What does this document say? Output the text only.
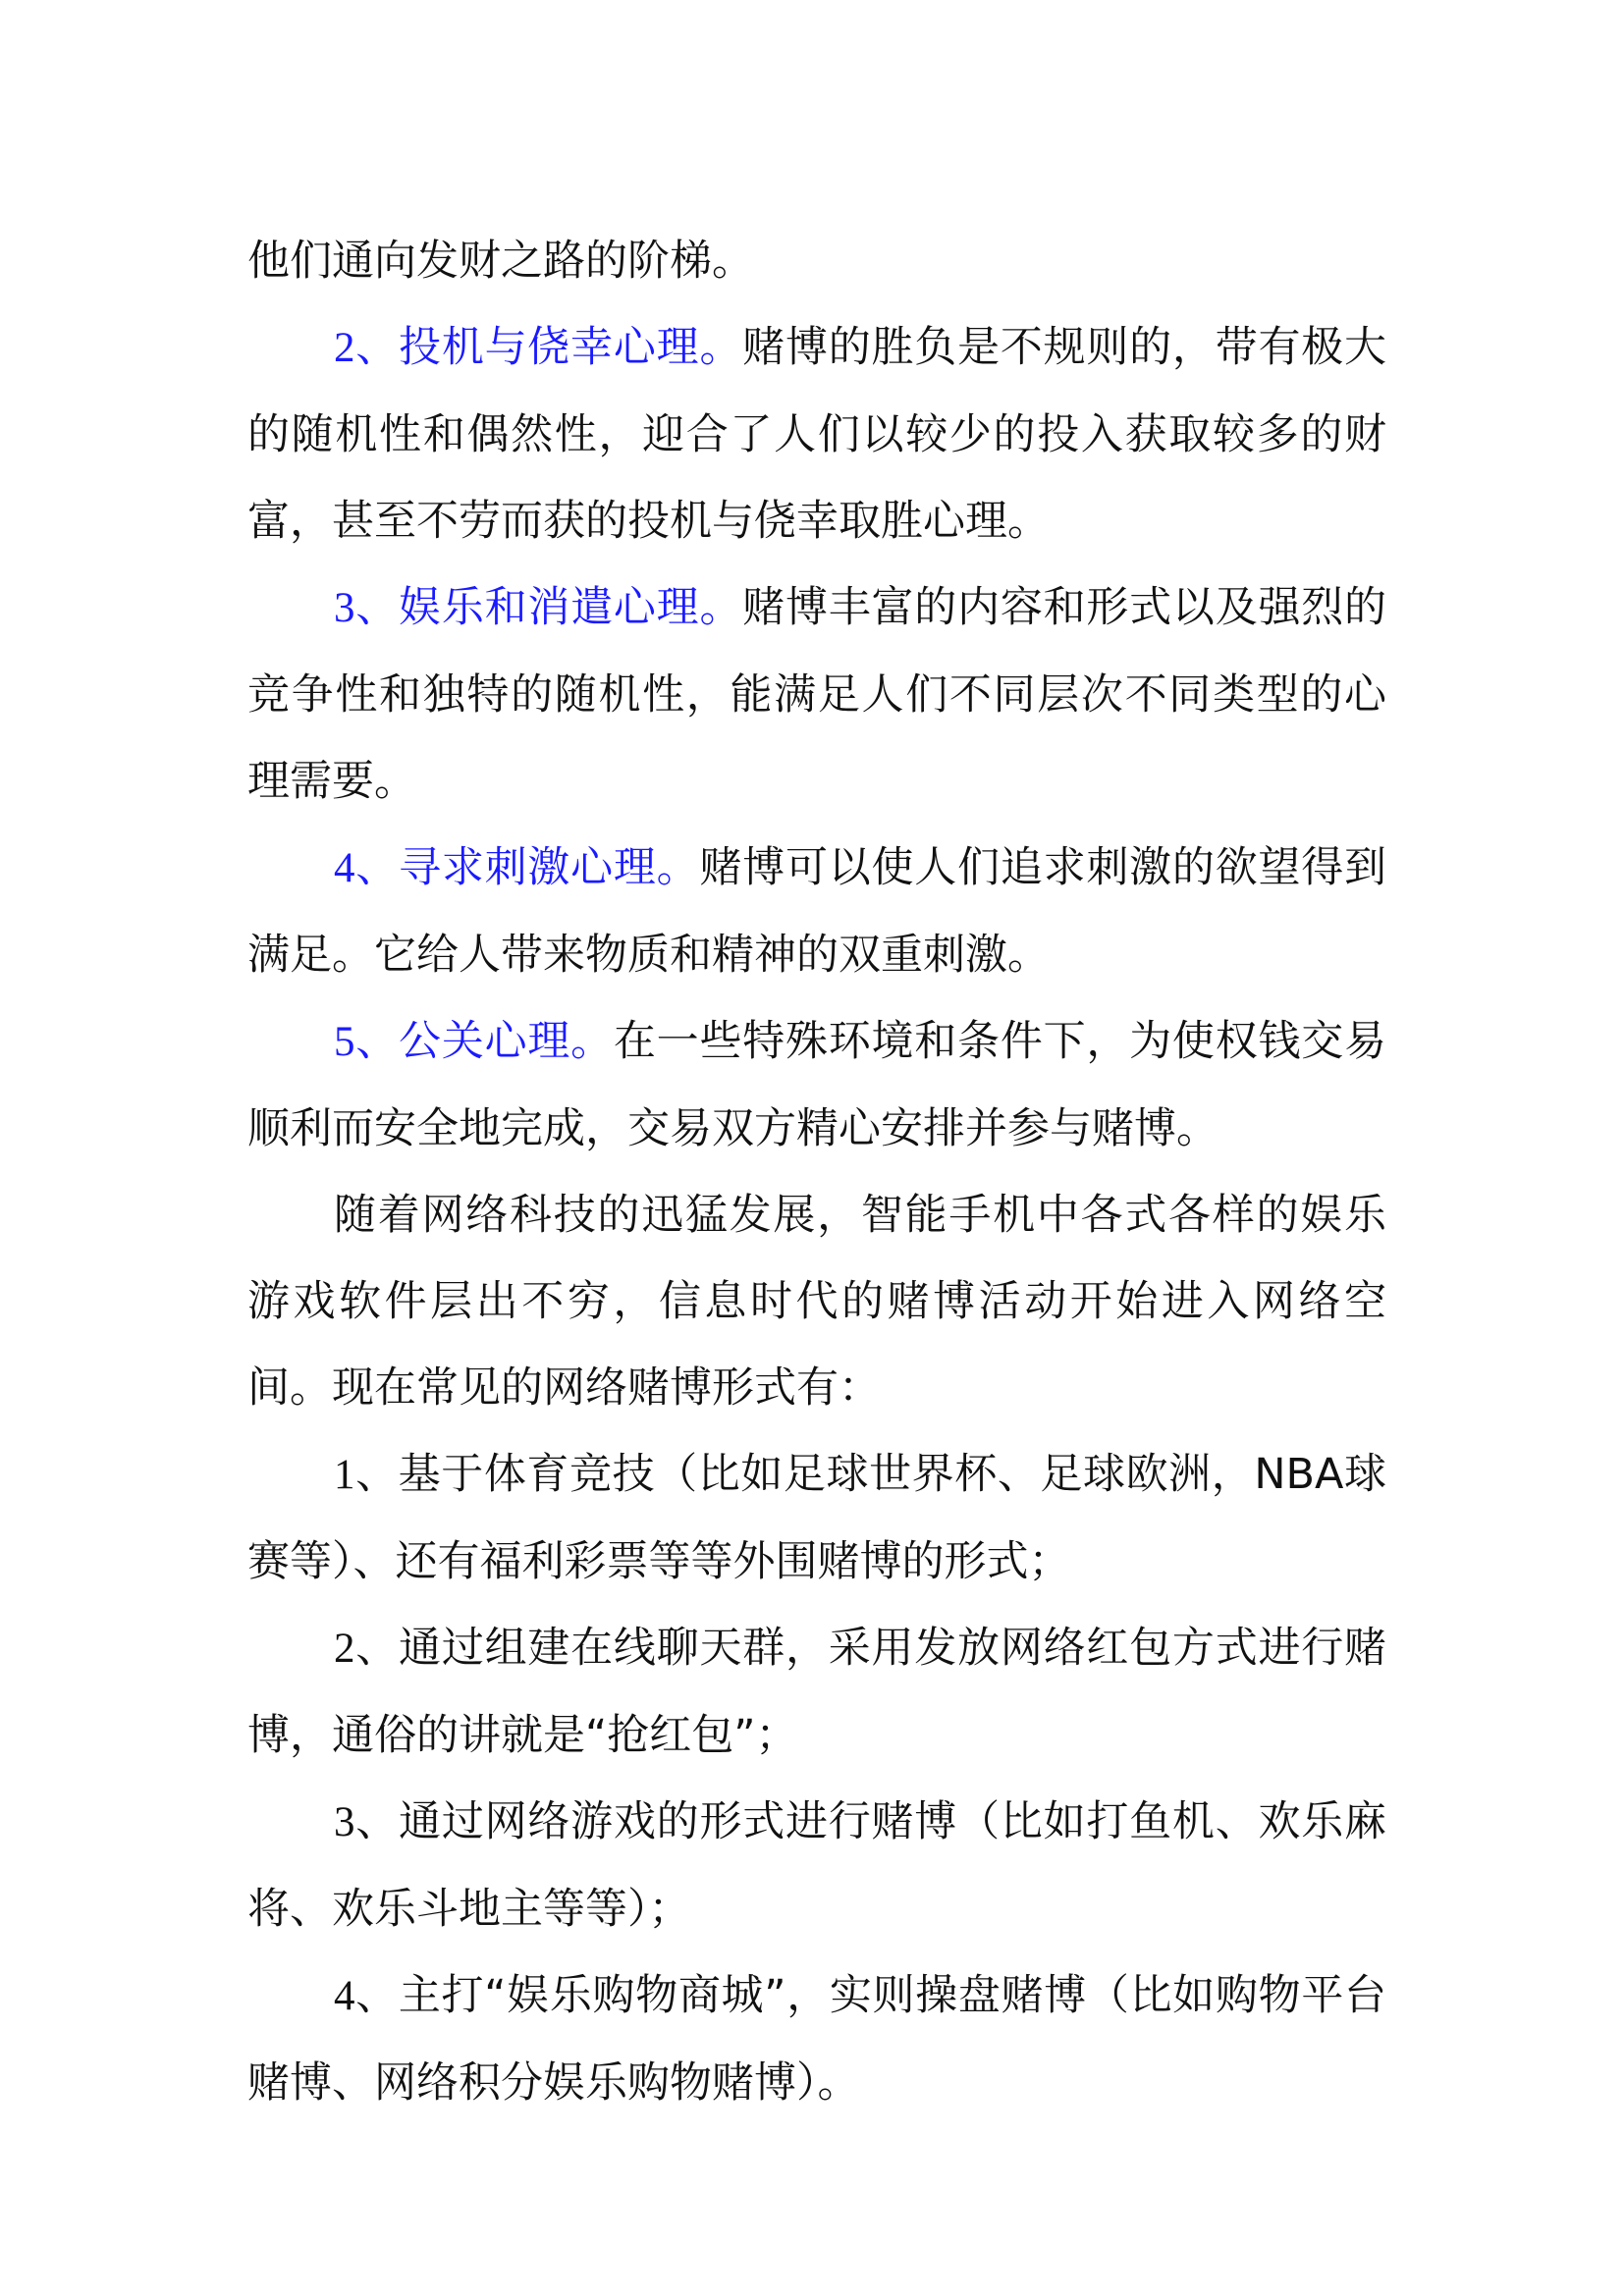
他们通向发财之路的阶梯。

2、投机与侥幸心理。赌博的胜负是不规则的，带有极大的随机性和偶然性，迎合了人们以较少的投入获取较多的财富，甚至不劳而获的投机与侥幸取胜心理。

3、娱乐和消遣心理。赌博丰富的内容和形式以及强烈的竞争性和独特的随机性，能满足人们不同层次不同类型的心理需要。

4、寻求刺激心理。赌博可以使人们追求刺激的欲望得到满足。它给人带来物质和精神的双重刺激。

5、公关心理。在一些特殊环境和条件下，为使权钱交易顺利而安全地完成，交易双方精心安排并参与赌博。

随着网络科技的迅猛发展，智能手机中各式各样的娱乐游戏软件层出不穷，信息时代的赌博活动开始进入网络空间。现在常见的网络赌博形式有：

1、基于体育竞技（比如足球世界杯、足球欧洲，NBA球赛等）、还有福利彩票等等外围赌博的形式；

2、通过组建在线聊天群，采用发放网络红包方式进行赌博，通俗的讲就是“抢红包”；

3、通过网络游戏的形式进行赌博（比如打鱼机、欢乐麻将、欢乐斗地主等等）；

4、主打“娱乐购物商城”，实则操盘赌博（比如购物平台赌博、网络积分娱乐购物赌博）。
